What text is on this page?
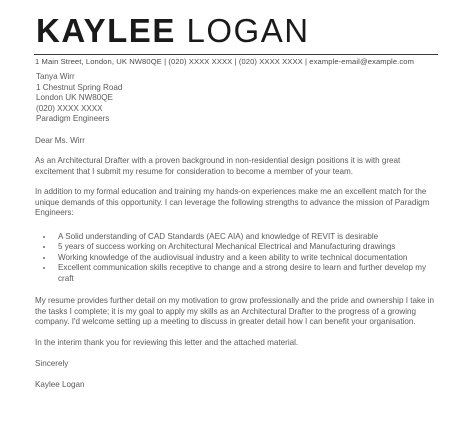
KAYLEE LOGAN
1 Main Street, London, UK NW80QE | (020) XXXX XXXX | (020) XXXX XXXX | example-email@example.com
Tanya Wirr
1 Chestnut Spring Road
London UK NW80QE
(020) XXXX XXXX
Paradigm Engineers
Dear Ms. Wirr

As an Architectural Drafter with a proven background in non-residential design positions it is with great excitement that I submit my resume for consideration to become a member of your team.

In addition to my formal education and training my hands-on experiences make me an excellent match for the unique demands of this opportunity. I can leverage the following strengths to advance the mission of Paradigm Engineers:

• A Solid understanding of CAD Standards (AEC AIA) and knowledge of REVIT is desirable
• 5 years of success working on Architectural Mechanical Electrical and Manufacturing drawings
• Working knowledge of the audiovisual industry and a keen ability to write technical documentation
• Excellent communication skills receptive to change and a strong desire to learn and further develop my craft

My resume provides further detail on my motivation to grow professionally and the pride and ownership I take in the tasks I complete; it is my goal to apply my skills as an Architectural Drafter to the progress of a growing company. I'd welcome setting up a meeting to discuss in greater detail how I can benefit your organisation.

In the interim thank you for reviewing this letter and the attached material.

Sincerely
Kaylee Logan
